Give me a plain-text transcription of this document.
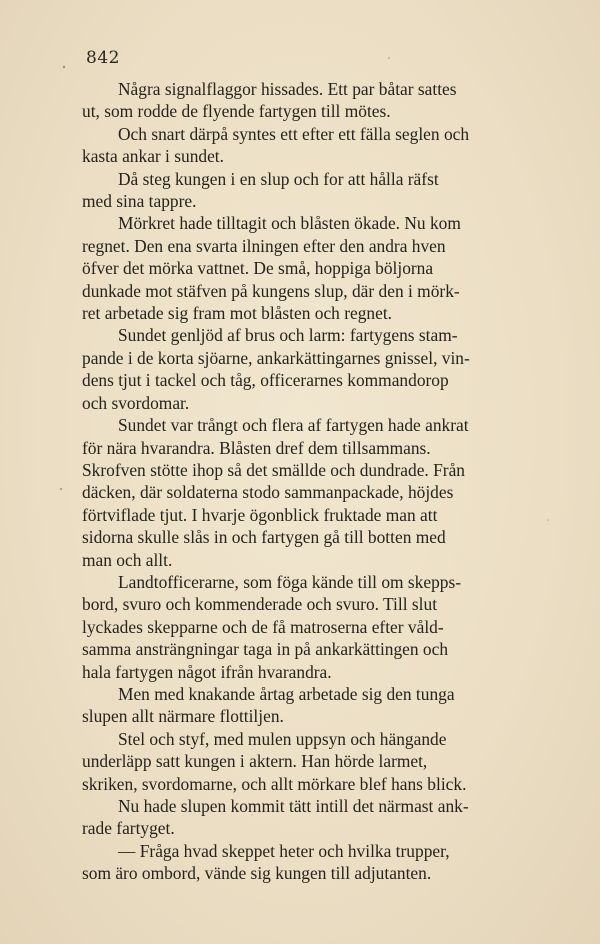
842

Några signalflaggor hissades. Ett par båtar sattes
ut, som rodde de flyende fartygen till mötes.

Och snart därpå syntes ett efter ett fälla seglen och
kasta ankar i sundet.

Då steg kungen i en slup och for att hålla räfst
med sina tappre.

Mörkret hade tilltagit och blåsten ökade. Nu kom
regnet. Den ena svarta ilningen efter den andra hven
öfver det mörka vattnet. De små, hoppiga böljorna
dunkade mot stäfven på kungens slup, där den i mörk-
ret arbetade sig fram mot blåsten och regnet.

Sundet genljöd af brus och larm: fartygens stam-
pande i de korta sjöarne, ankarkättingarnes gnissel, vin-
dens tjut i tackel och tåg, officerarnes kommandorop
och svordomar.

Sundet var trångt och flera af fartygen hade ankrat
för nära hvarandra. Blåsten dref dem tillsammans.
Skrofven stötte ihop så det smällde och dundrade. Från
däcken, där soldaterna stodo sammanpackade, höjdes
förtviflade tjut. I hvarje ögonblick fruktade man att
sidorna skulle slås in och fartygen gå till botten med
man och allt.

Landtofficerarne, som föga kände till om skepps-
bord, svuro och kommenderade och svuro. Till slut
lyckades skepparne och de få matroserna efter våld-
samma ansträngningar taga in på ankarkättingen och
hala fartygen något ifrån hvarandra.

Men med knakande årtag arbetade sig den tunga
slupen allt närmare flottiljen.

Stel och styf, med mulen uppsyn och hängande
underläpp satt kungen i aktern. Han hörde larmet,
skriken, svordomarne, och allt mörkare blef hans blick.

Nu hade slupen kommit tätt intill det närmast ank-
rade fartyget.

— Fråga hvad skeppet heter och hvilka trupper,
som äro ombord, vände sig kungen till adjutanten.
